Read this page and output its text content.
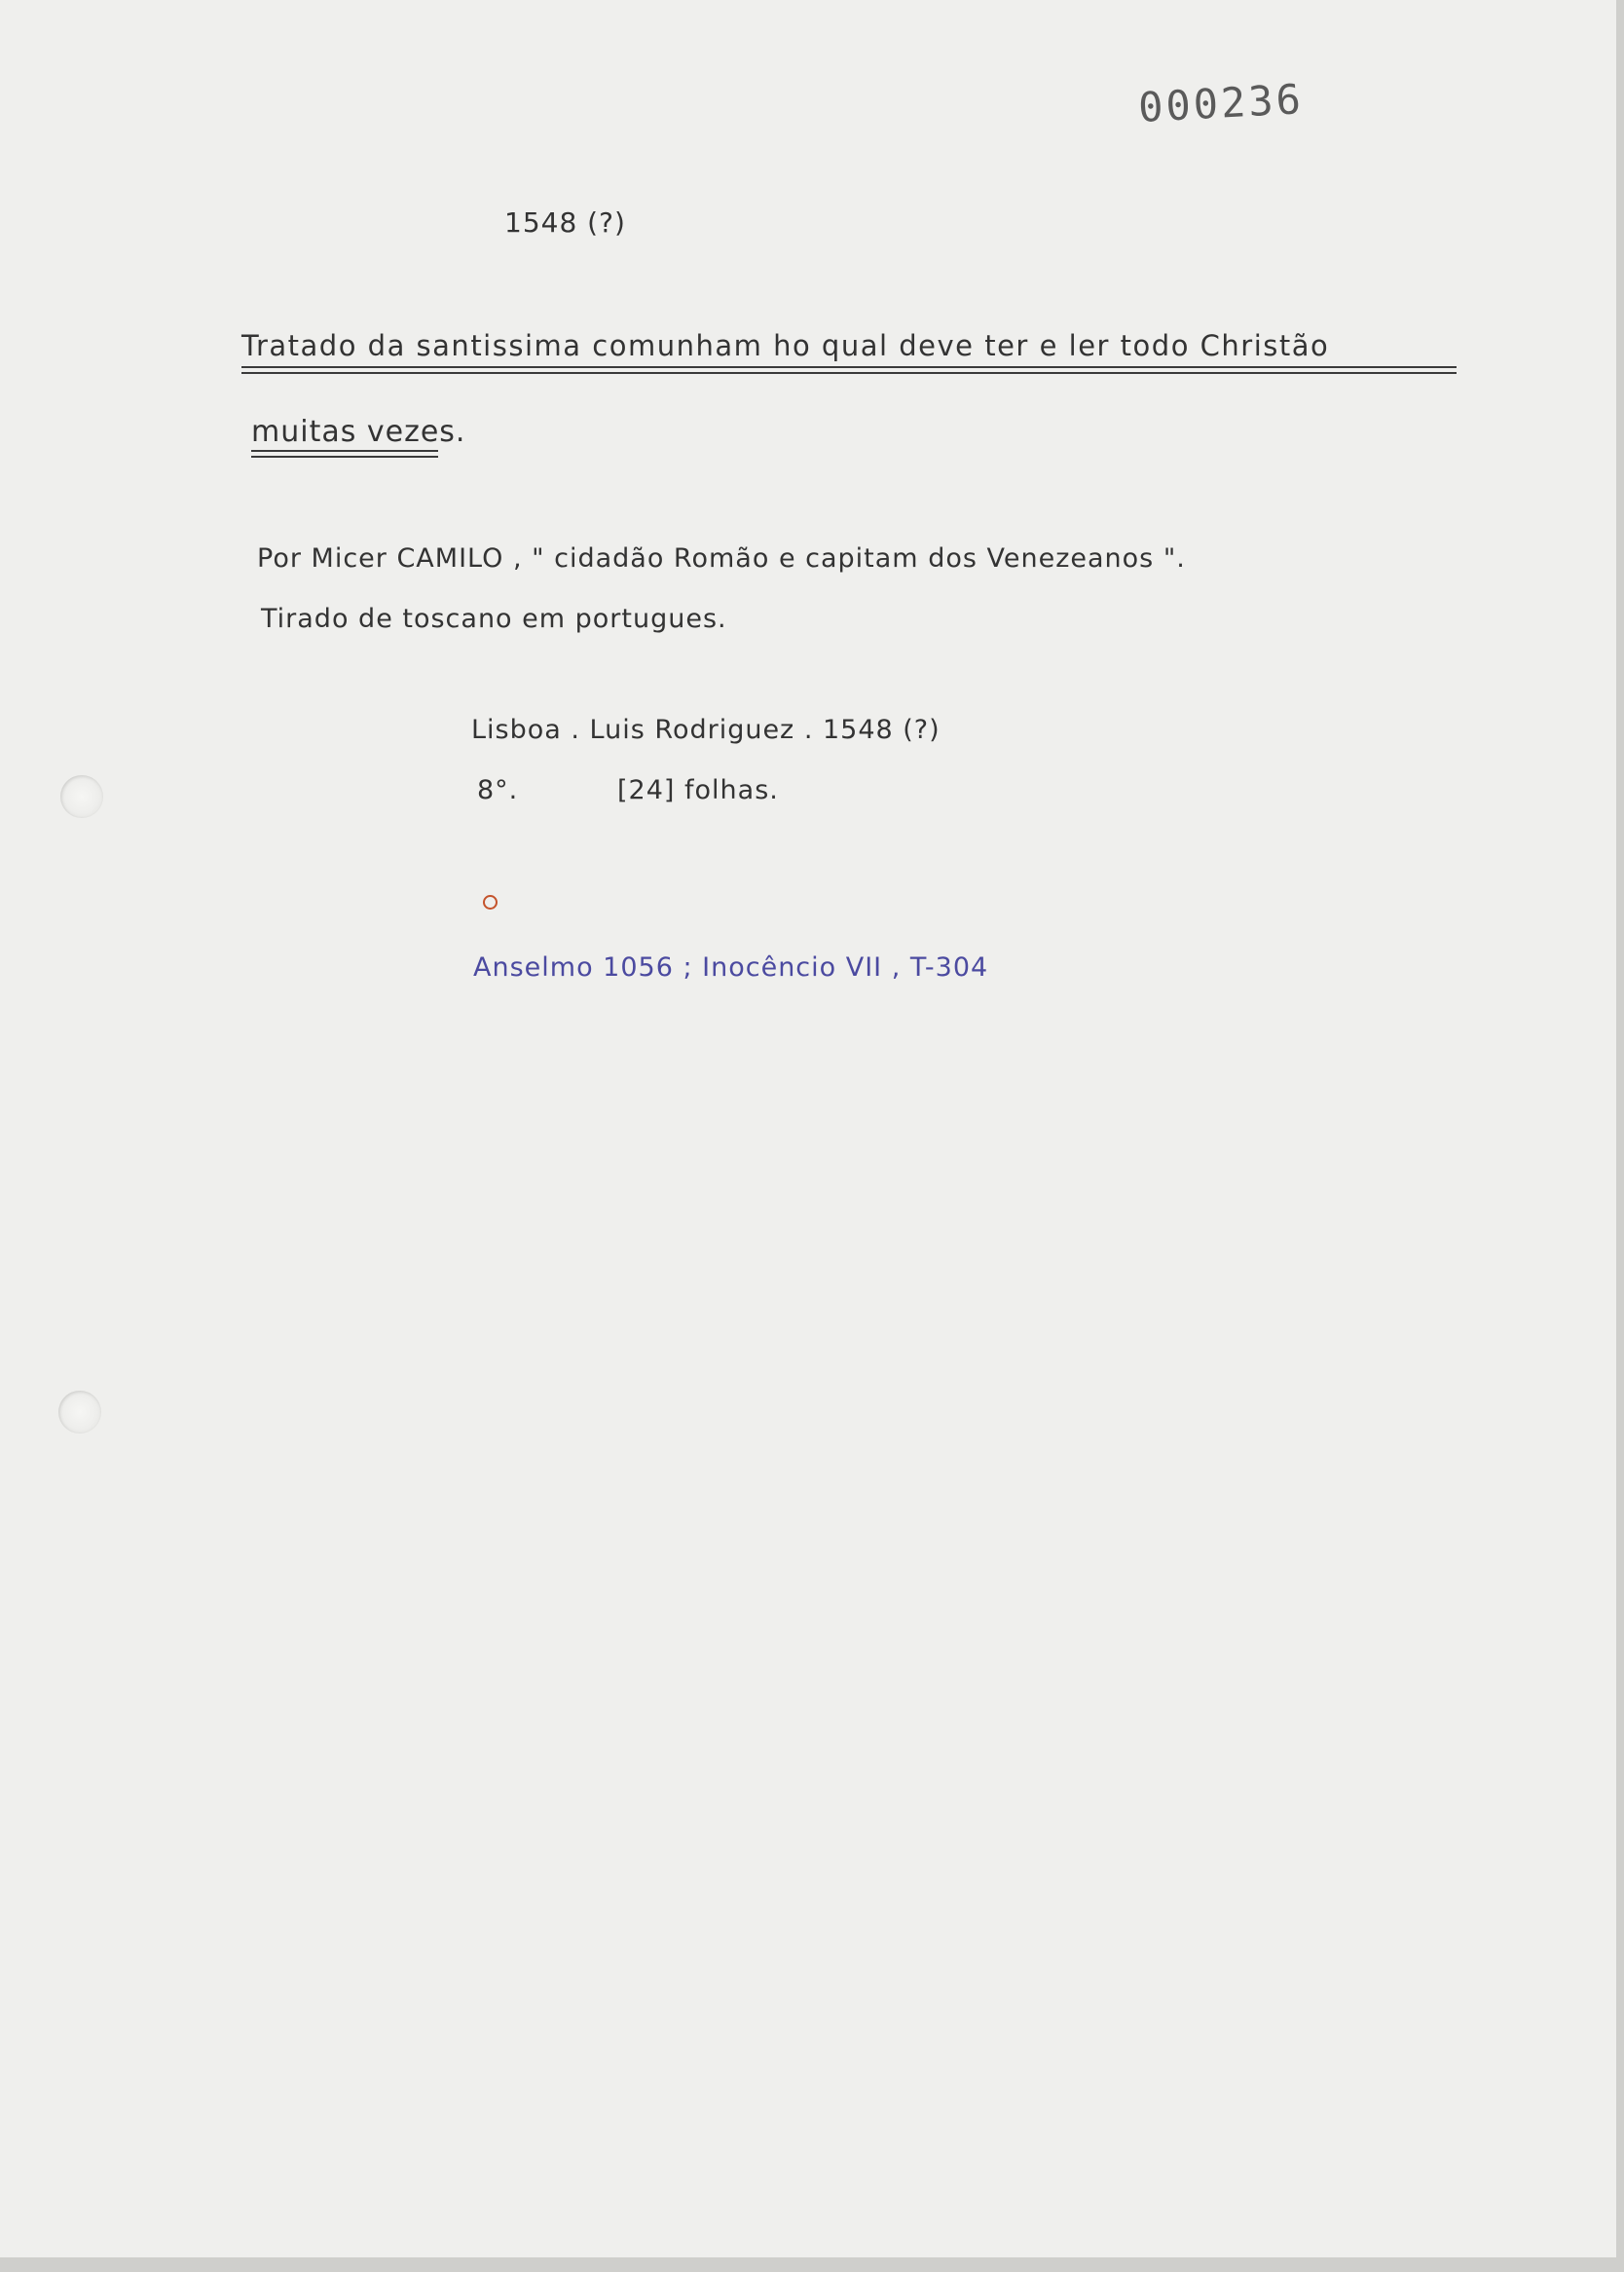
000236
1548 (?)
Tratado da santissima comunham ho qual deve ter e ler todo Christão
muitas vezes.
Por Micer CAMILO , " cidadão Romão e capitam dos Venezeanos ".
Tirado de toscano em portugues.
Lisboa . Luis Rodriguez . 1548 (?)
8°.	[24] folhas.
Anselmo 1056 ; Inocêncio VII , T-304
